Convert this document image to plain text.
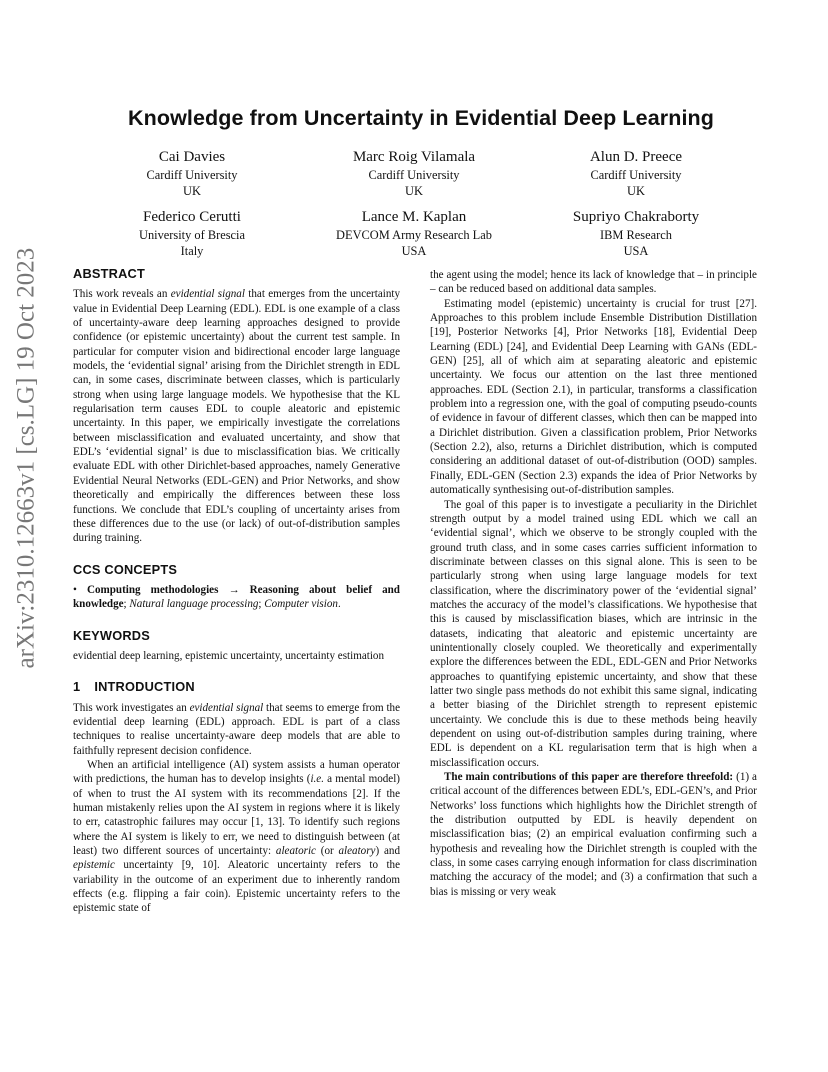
arXiv:2310.12663v1 [cs.LG] 19 Oct 2023
Knowledge from Uncertainty in Evidential Deep Learning
Cai Davies
Cardiff University
UK
Marc Roig Vilamala
Cardiff University
UK
Alun D. Preece
Cardiff University
UK
Federico Cerutti
University of Brescia
Italy
Lance M. Kaplan
DEVCOM Army Research Lab
USA
Supriyo Chakraborty
IBM Research
USA
ABSTRACT

This work reveals an evidential signal that emerges from the uncertainty value in Evidential Deep Learning (EDL). EDL is one example of a class of uncertainty-aware deep learning approaches designed to provide confidence (or epistemic uncertainty) about the current test sample. In particular for computer vision and bidirectional encoder large language models, the ‘evidential signal’ arising from the Dirichlet strength in EDL can, in some cases, discriminate between classes, which is particularly strong when using large language models. We hypothesise that the KL regularisation term causes EDL to couple aleatoric and epistemic uncertainty. In this paper, we empirically investigate the correlations between misclassification and evaluated uncertainty, and show that EDL’s ‘evidential signal’ is due to misclassification bias. We critically evaluate EDL with other Dirichlet-based approaches, namely Generative Evidential Neural Networks (EDL-GEN) and Prior Networks, and show theoretically and empirically the differences between these loss functions. We conclude that EDL’s coupling of uncertainty arises from these differences due to the use (or lack) of out-of-distribution samples during training.

CCS CONCEPTS

• Computing methodologies → Reasoning about belief and knowledge; Natural language processing; Computer vision.

KEYWORDS

evidential deep learning, epistemic uncertainty, uncertainty estimation

1 INTRODUCTION

This work investigates an evidential signal that seems to emerge from the evidential deep learning (EDL) approach. EDL is part of a class techniques to realise uncertainty-aware deep models that are able to faithfully represent decision confidence.

When an artificial intelligence (AI) system assists a human operator with predictions, the human has to develop insights (i.e. a mental model) of when to trust the AI system with its recommendations [2]. If the human mistakenly relies upon the AI system in regions where it is likely to err, catastrophic failures may occur [1, 13]. To identify such regions where the AI system is likely to err, we need to distinguish between (at least) two different sources of uncertainty: aleatoric (or aleatory) and epistemic uncertainty [9, 10]. Aleatoric uncertainty refers to the variability in the outcome of an experiment due to inherently random effects (e.g. flipping a fair coin). Epistemic uncertainty refers to the epistemic state of

the agent using the model; hence its lack of knowledge that – in principle – can be reduced based on additional data samples.

Estimating model (epistemic) uncertainty is crucial for trust [27]. Approaches to this problem include Ensemble Distribution Distillation [19], Posterior Networks [4], Prior Networks [18], Evidential Deep Learning (EDL) [24], and Evidential Deep Learning with GANs (EDL-GEN) [25], all of which aim at separating aleatoric and epistemic uncertainty. We focus our attention on the last three mentioned approaches. EDL (Section 2.1), in particular, transforms a classification problem into a regression one, with the goal of computing pseudo-counts of evidence in favour of different classes, which then can be mapped into a Dirichlet distribution. Given a classification problem, Prior Networks (Section 2.2), also, returns a Dirichlet distribution, which is computed considering an additional dataset of out-of-distribution (OOD) samples. Finally, EDL-GEN (Section 2.3) expands the idea of Prior Networks by automatically synthesising out-of-distribution samples.

The goal of this paper is to investigate a peculiarity in the Dirichlet strength output by a model trained using EDL which we call an ‘evidential signal’, which we observe to be strongly coupled with the ground truth class, and in some cases carries sufficient information to discriminate between classes on this signal alone. This is seen to be particularly strong when using large language models for text classification, where the discriminatory power of the ‘evidential signal’ matches the accuracy of the model’s classifications. We hypothesise that this is caused by misclassification biases, which are intrinsic in the datasets, indicating that aleatoric and epistemic uncertainty are unintentionally closely coupled. We theoretically and experimentally explore the differences between the EDL, EDL-GEN and Prior Networks approaches to quantifying epistemic uncertainty, and show that these latter two single pass methods do not exhibit this same signal, indicating a better biasing of the Dirichlet strength to represent epistemic uncertainty. We conclude this is due to these methods being heavily dependent on using out-of-distribution samples during training, where EDL is dependent on a KL regularisation term that is high when a misclassification occurs.

The main contributions of this paper are therefore threefold: (1) a critical account of the differences between EDL’s, EDL-GEN’s, and Prior Networks’ loss functions which highlights how the Dirichlet strength of the distribution outputted by EDL is heavily dependent on misclassification bias; (2) an empirical evaluation confirming such a hypothesis and revealing how the Dirichlet strength is coupled with the class, in some cases carrying enough information for class discrimination matching the accuracy of the model; and (3) a confirmation that such a bias is missing or very weak
